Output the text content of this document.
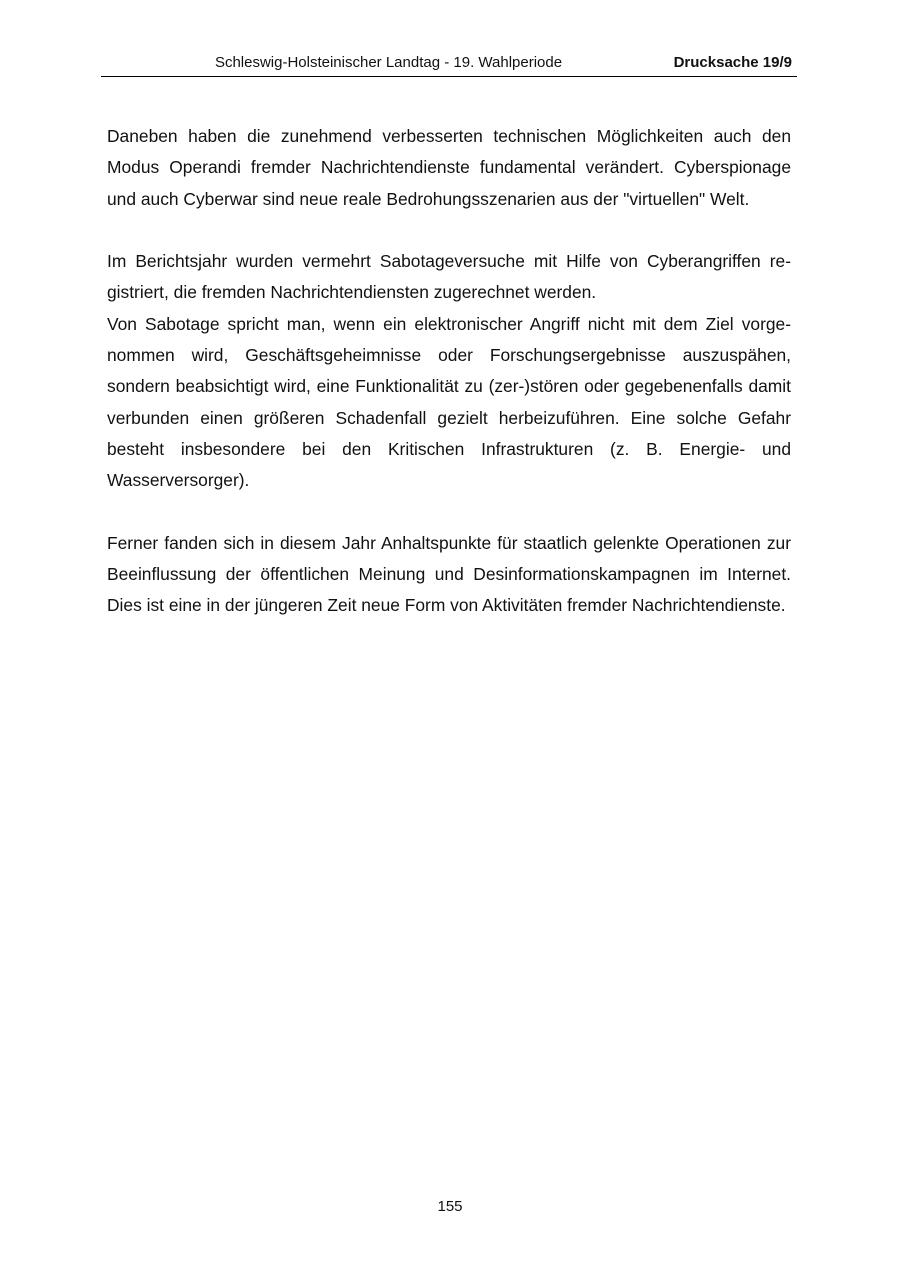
Schleswig-Holsteinischer Landtag - 19. Wahlperiode	Drucksache 19/9

Daneben haben die zunehmend verbesserten technischen Möglichkeiten auch den Modus Operandi fremder Nachrichtendienste fundamental verändert. Cyberspionage und auch Cyberwar sind neue reale Bedrohungsszenarien aus der "virtuellen" Welt.

Im Berichtsjahr wurden vermehrt Sabotageversuche mit Hilfe von Cyberangriffen registriert, die fremden Nachrichtendiensten zugerechnet werden.

Von Sabotage spricht man, wenn ein elektronischer Angriff nicht mit dem Ziel vorgenommen wird, Geschäftsgeheimnisse oder Forschungsergebnisse auszuspähen, sondern beabsichtigt wird, eine Funktionalität zu (zer-)stören oder gegebenenfalls damit verbunden einen größeren Schadenfall gezielt herbeizuführen. Eine solche Gefahr besteht insbesondere bei den Kritischen Infrastrukturen (z. B. Energie- und Wasserversorger).

Ferner fanden sich in diesem Jahr Anhaltspunkte für staatlich gelenkte Operationen zur Beeinflussung der öffentlichen Meinung und Desinformationskampagnen im Internet. Dies ist eine in der jüngeren Zeit neue Form von Aktivitäten fremder Nachrichtendienste.

155
